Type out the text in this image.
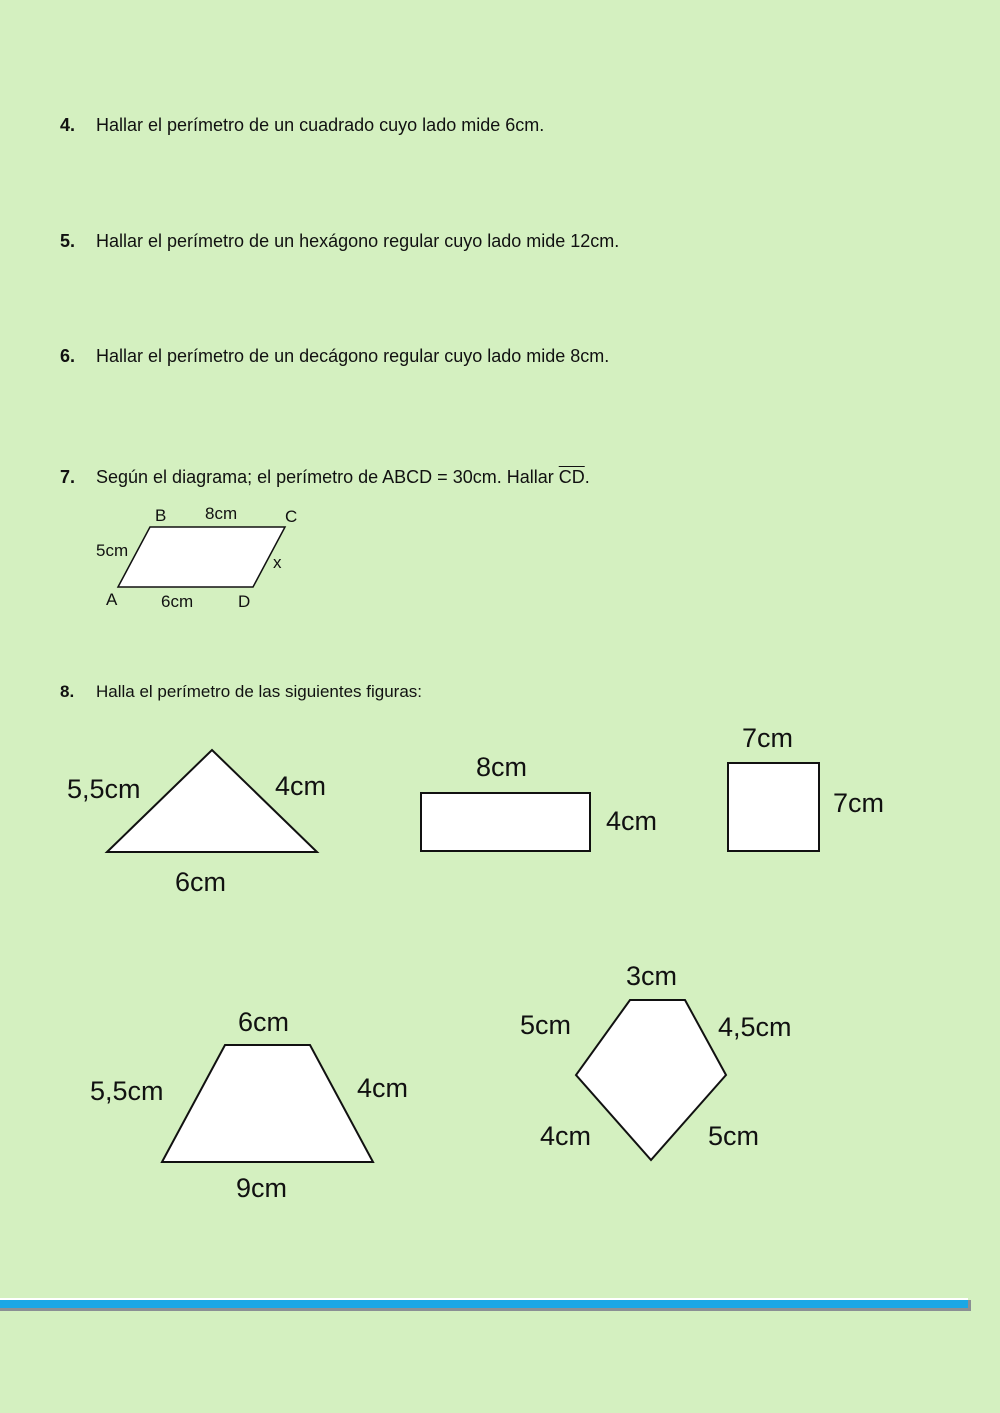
4. Hallar el perímetro de un cuadrado cuyo lado mide 6cm.
5. Hallar el perímetro de un hexágono regular cuyo lado mide 12cm.
6. Hallar el perímetro de un decágono regular cuyo lado mide 8cm.
7. Según el diagrama; el perímetro de ABCD = 30cm. Hallar $\overline{CD}$.
8. Halla el perímetro de las siguientes figuras:
B 8cm	C
5cm
x
A	6cm	D
5,5cm	4cm
6cm
8cm
4cm
7cm
7cm
6cm
5,5cm	4cm
9cm
3cm
5cm	4,5cm
4cm	5cm
